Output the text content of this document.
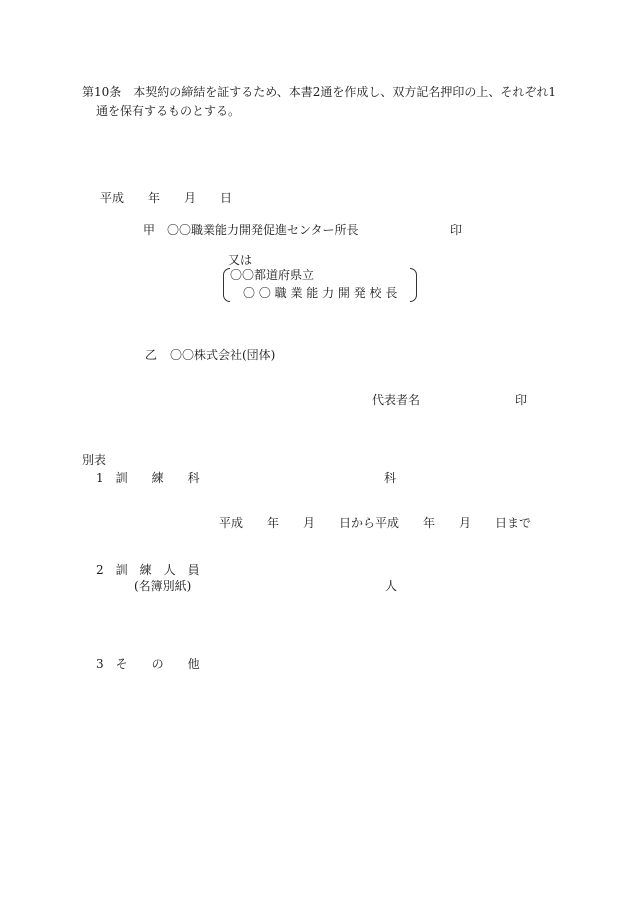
第10条　本契約の締結を証するため、本書2通を作成し、双方記名押印の上、それぞれ1
通を保有するものとする。
平成　　年　　月　　日
甲 〇〇職業能力開発促進センター所長	印
又は
〇〇都道府県立
〇 〇 職 業 能 力 開 発 校 長
乙 〇〇株式会社(団体)
代表者名	印
別表
1　訓　　練　　科	科
平成　　年　　月　　日から平成　　年　　月　　日まで
2　訓　練　人　員
(名簿別紙)	人
3　そ　　の　　他
